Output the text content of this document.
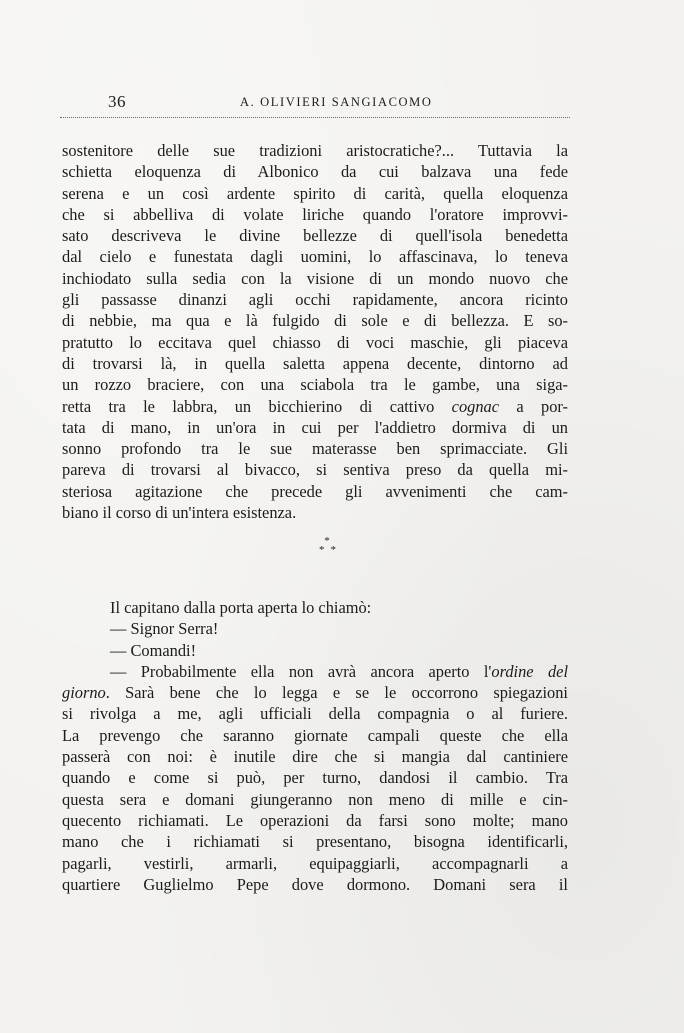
36	A. OLIVIERI SANGIACOMO
sostenitore delle sue tradizioni aristocratiche?... Tuttavia la
schietta eloquenza di Albonico da cui balzava una fede
serena e un così ardente spirito di carità, quella eloquenza
che si abbelliva di volate liriche quando l'oratore improvvi-
sato descriveva le divine bellezze di quell'isola benedetta
dal cielo e funestata dagli uomini, lo affascinava, lo teneva
inchiodato sulla sedia con la visione di un mondo nuovo che
gli passasse dinanzi agli occhi rapidamente, ancora ricinto
di nebbie, ma qua e là fulgido di sole e di bellezza. E so-
pratutto lo eccitava quel chiasso di voci maschie, gli piaceva
di trovarsi là, in quella saletta appena decente, dintorno ad
un rozzo braciere, con una sciabola tra le gambe, una siga-
retta tra le labbra, un bicchierino di cattivo cognac a por-
tata di mano, in un'ora in cui per l'addietro dormiva di un
sonno profondo tra le sue materasse ben sprimacciate. Gli
pareva di trovarsi al bivacco, si sentiva preso da quella mi-
steriosa agitazione che precede gli avvenimenti che cam-
biano il corso di un'intera esistenza.
*
**
Il capitano dalla porta aperta lo chiamò:
— Signor Serra!
— Comandi!
— Probabilmente ella non avrà ancora aperto l'ordine del
giorno. Sarà bene che lo legga e se le occorrono spiegazioni
si rivolga a me, agli ufficiali della compagnia o al furiere.
La prevengo che saranno giornate campali queste che ella
passerà con noi: è inutile dire che si mangia dal cantiniere
quando e come si può, per turno, dandosi il cambio. Tra
questa sera e domani giungeranno non meno di mille e cin-
quecento richiamati. Le operazioni da farsi sono molte; mano
mano che i richiamati si presentano, bisogna identificarli,
pagarli, vestirli, armarli, equipaggiarli, accompagnarli a
quartiere Guglielmo Pepe dove dormono. Domani sera il
